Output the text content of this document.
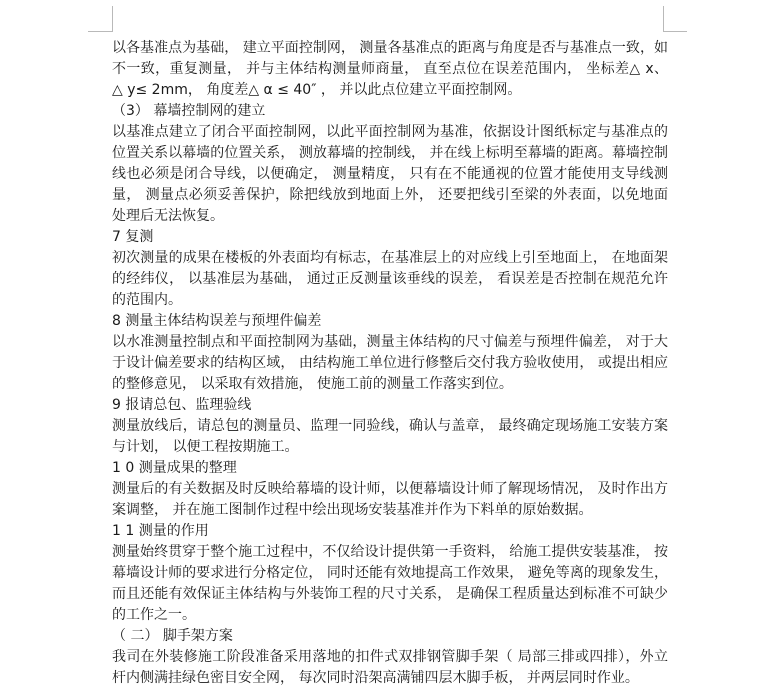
以各基准点为基础， 建立平面控制网， 测量各基准点的距离与角度是否与基准点一致，如
不一致，重复测量， 并与主体结构测量师商量， 直至点位在误差范围内， 坐标差△ x、
△ y≤ 2mm， 角度差△ α ≤ 40″ ， 并以此点位建立平面控制网。
（3） 幕墙控制网的建立
以基准点建立了闭合平面控制网，以此平面控制网为基准，依据设计图纸标定与基准点的
位置关系以幕墙的位置关系， 测放幕墙的控制线， 并在线上标明至幕墙的距离。幕墙控制
线也必须是闭合导线，以便确定， 测量精度， 只有在不能通视的位置才能使用支导线测
量， 测量点必须妥善保护，除把线放到地面上外， 还要把线引至梁的外表面，以免地面
处理后无法恢复。
7 复测
初次测量的成果在楼板的外表面均有标志，在基准层上的对应线上引至地面上， 在地面架
的经纬仪， 以基准层为基础， 通过正反测量该垂线的误差， 看误差是否控制在规范允许
的范围内。
8 测量主体结构误差与预埋件偏差
以水准测量控制点和平面控制网为基础，测量主体结构的尺寸偏差与预埋件偏差， 对于大
于设计偏差要求的结构区域， 由结构施工单位进行修整后交付我方验收使用， 或提出相应
的整修意见， 以采取有效措施， 使施工前的测量工作落实到位。
9 报请总包、监理验线
测量放线后，请总包的测量员、监理一同验线，确认与盖章， 最终确定现场施工安装方案
与计划， 以便工程按期施工。
1 0 测量成果的整理
测量后的有关数据及时反映给幕墙的设计师，以便幕墙设计师了解现场情况， 及时作出方
案调整， 并在施工图制作过程中绘出现场安装基准并作为下料单的原始数据。
1 1 测量的作用
测量始终贯穿于整个施工过程中，不仅给设计提供第一手资料， 给施工提供安装基准， 按
幕墙设计师的要求进行分格定位， 同时还能有效地提高工作效果， 避免等离的现象发生，
而且还能有效保证主体结构与外装饰工程的尺寸关系， 是确保工程质量达到标准不可缺少
的工作之一。
（ 二） 脚手架方案
我司在外装修施工阶段准备采用落地的扣件式双排钢管脚手架（ 局部三排或四排），外立
杆内侧满挂绿色密目安全网， 每次同时沿架高满铺四层木脚手板， 并两层同时作业。
